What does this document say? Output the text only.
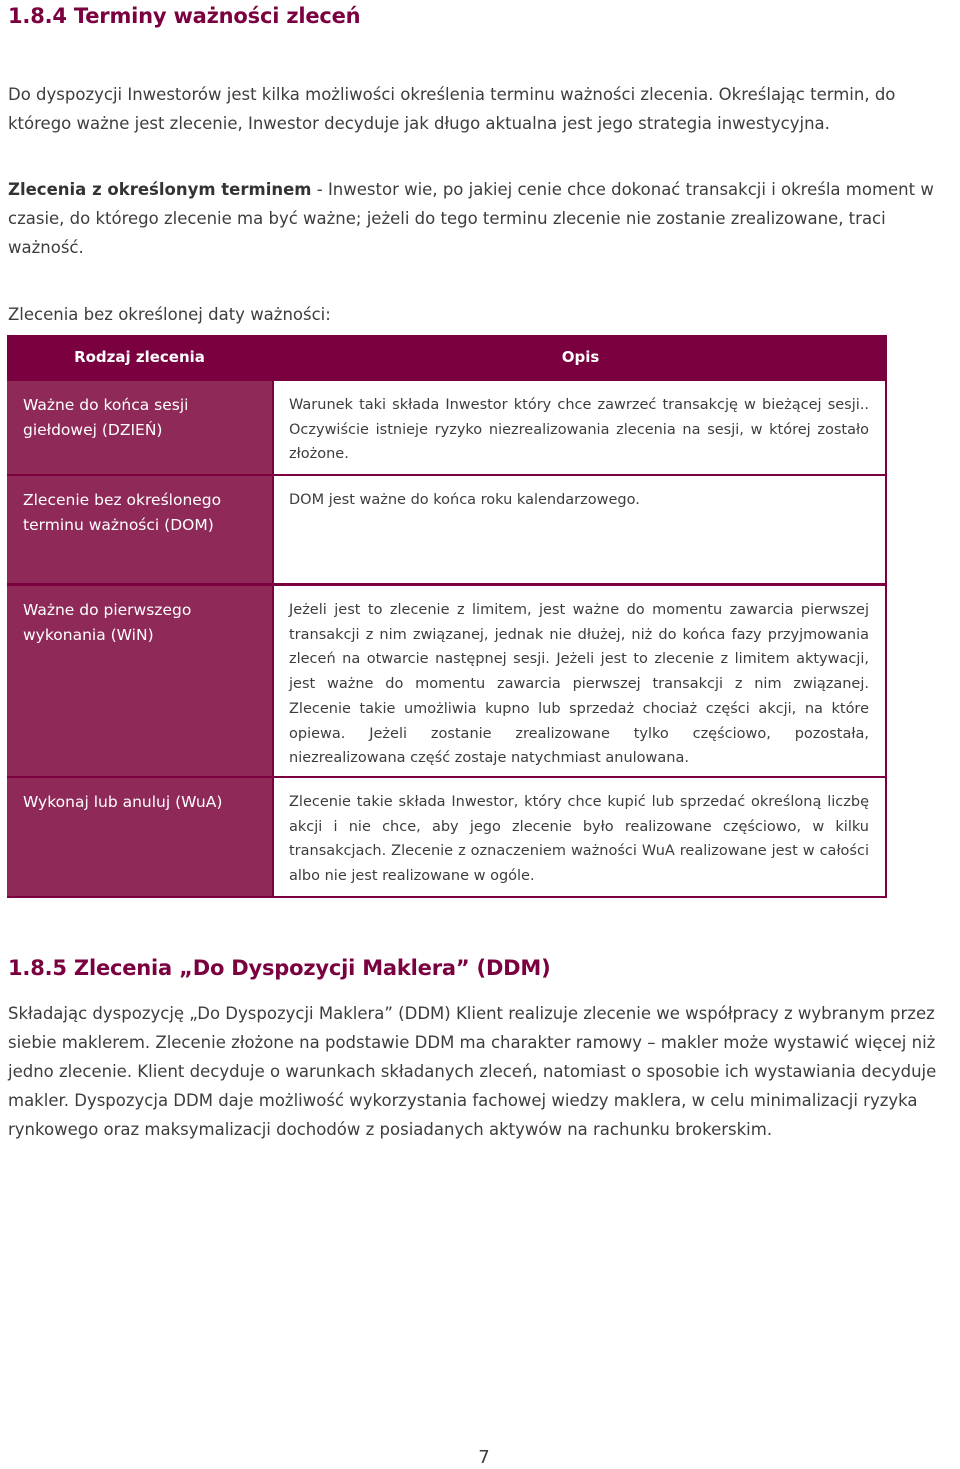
1.8.4 Terminy ważności zleceń

Do dyspozycji Inwestorów jest kilka możliwości określenia terminu ważności zlecenia. Określając termin, do którego ważne jest zlecenie, Inwestor decyduje jak długo aktualna jest jego strategia inwestycyjna.

Zlecenia z określonym terminem - Inwestor wie, po jakiej cenie chce dokonać transakcji i określa moment w czasie, do którego zlecenie ma być ważne; jeżeli do tego terminu zlecenie nie zostanie zrealizowane, traci ważność.

Zlecenia bez określonej daty ważności:

Rodzaj zlecenia	Opis
Ważne do końca sesji giełdowej (DZIEŃ)
Warunek taki składa Inwestor który chce zawrzeć transakcję w bieżącej sesji.. Oczywiście istnieje ryzyko niezrealizowania zlecenia na sesji, w której zostało złożone.
Zlecenie bez określonego terminu ważności (DOM)
DOM jest ważne do końca roku kalendarzowego.
Ważne do pierwszego wykonania (WiN)
Jeżeli jest to zlecenie z limitem, jest ważne do momentu zawarcia pierwszej transakcji z nim związanej, jednak nie dłużej, niż do końca fazy przyjmowania zleceń na otwarcie następnej sesji. Jeżeli jest to zlecenie z limitem aktywacji, jest ważne do momentu zawarcia pierwszej transakcji z nim związanej. Zlecenie takie umożliwia kupno lub sprzedaż chociaż części akcji, na które opiewa. Jeżeli zostanie zrealizowane tylko częściowo, pozostała, niezrealizowana część zostaje natychmiast anulowana.
Wykonaj lub anuluj (WuA)	Zlecenie takie składa Inwestor, który chce kupić lub sprzedać określoną liczbę akcji i nie chce, aby jego zlecenie było realizowane częściowo, w kilku transakcjach. Zlecenie z oznaczeniem ważności WuA realizowane jest w całości albo nie jest realizowane w ogóle.
1.8.5 Zlecenia „Do Dyspozycji Maklera” (DDM)

Składając dyspozycję „Do Dyspozycji Maklera” (DDM) Klient realizuje zlecenie we współpracy z wybranym przez siebie maklerem. Zlecenie złożone na podstawie DDM ma charakter ramowy – makler może wystawić więcej niż jedno zlecenie. Klient decyduje o warunkach składanych zleceń, natomiast o sposobie ich wystawiania decyduje makler. Dyspozycja DDM daje możliwość wykorzystania fachowej wiedzy maklera, w celu minimalizacji ryzyka rynkowego oraz maksymalizacji dochodów z posiadanych aktywów na rachunku brokerskim.

7
